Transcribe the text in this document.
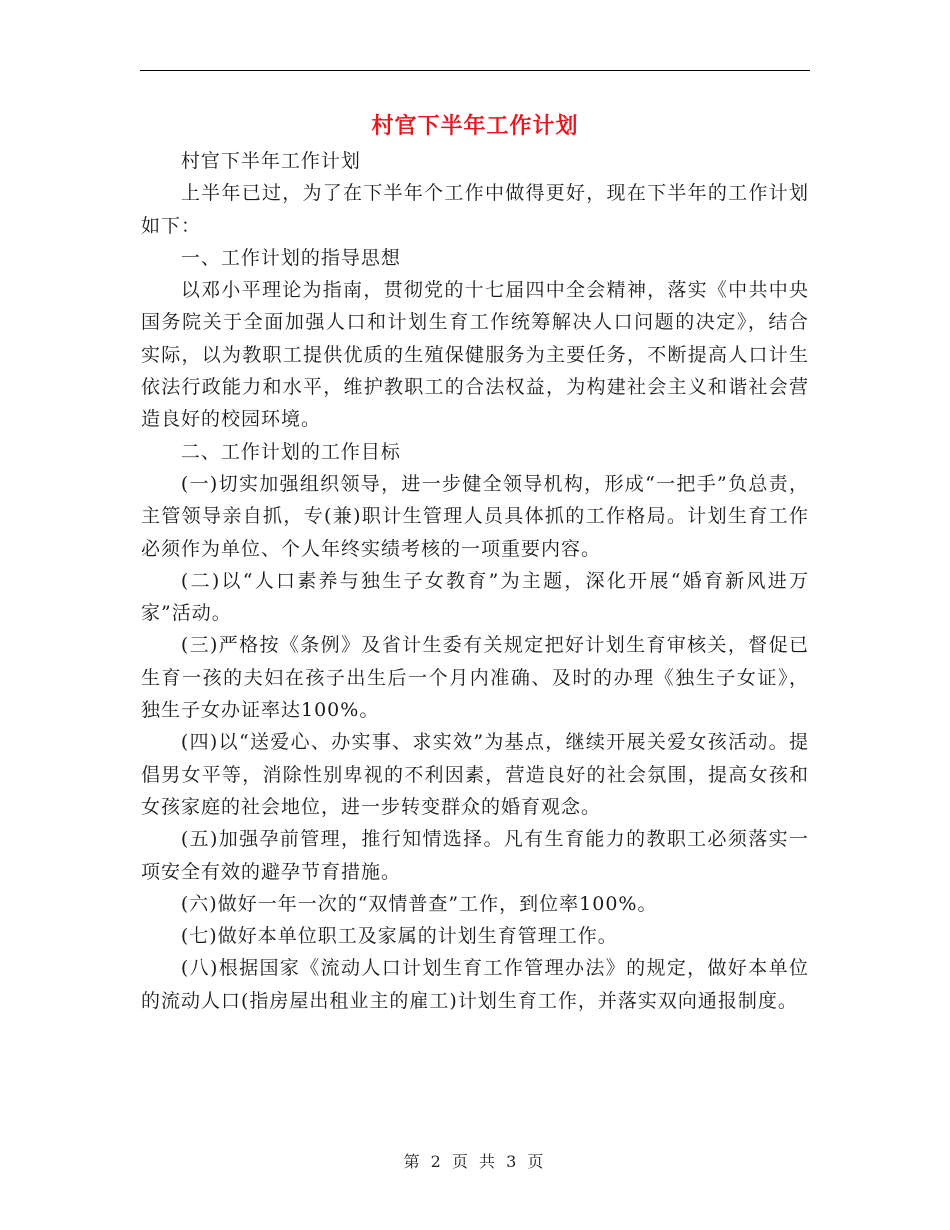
村官下半年工作计划

村官下半年工作计划

上半年已过，为了在下半年个工作中做得更好，现在下半年的工作计划如下：

一、工作计划的指导思想

以邓小平理论为指南，贯彻党的十七届四中全会精神，落实《中共中央国务院关于全面加强人口和计划生育工作统筹解决人口问题的决定》，结合实际，以为教职工提供优质的生殖保健服务为主要任务，不断提高人口计生依法行政能力和水平，维护教职工的合法权益，为构建社会主义和谐社会营造良好的校园环境。

二、工作计划的工作目标

(一)切实加强组织领导，进一步健全领导机构，形成“一把手”负总责，主管领导亲自抓，专(兼)职计生管理人员具体抓的工作格局。计划生育工作必须作为单位、个人年终实绩考核的一项重要内容。

(二)以“人口素养与独生子女教育”为主题，深化开展“婚育新风进万家”活动。

(三)严格按《条例》及省计生委有关规定把好计划生育审核关，督促已生育一孩的夫妇在孩子出生后一个月内准确、及时的办理《独生子女证》，独生子女办证率达100%。

(四)以“送爱心、办实事、求实效”为基点，继续开展关爱女孩活动。提倡男女平等，消除性别卑视的不利因素，营造良好的社会氛围，提高女孩和女孩家庭的社会地位，进一步转变群众的婚育观念。

(五)加强孕前管理，推行知情选择。凡有生育能力的教职工必须落实一项安全有效的避孕节育措施。

(六)做好一年一次的“双情普查”工作，到位率100%。

(七)做好本单位职工及家属的计划生育管理工作。

(八)根据国家《流动人口计划生育工作管理办法》的规定，做好本单位的流动人口(指房屋出租业主的雇工)计划生育工作，并落实双向通报制度。

第 2 页 共 3 页
